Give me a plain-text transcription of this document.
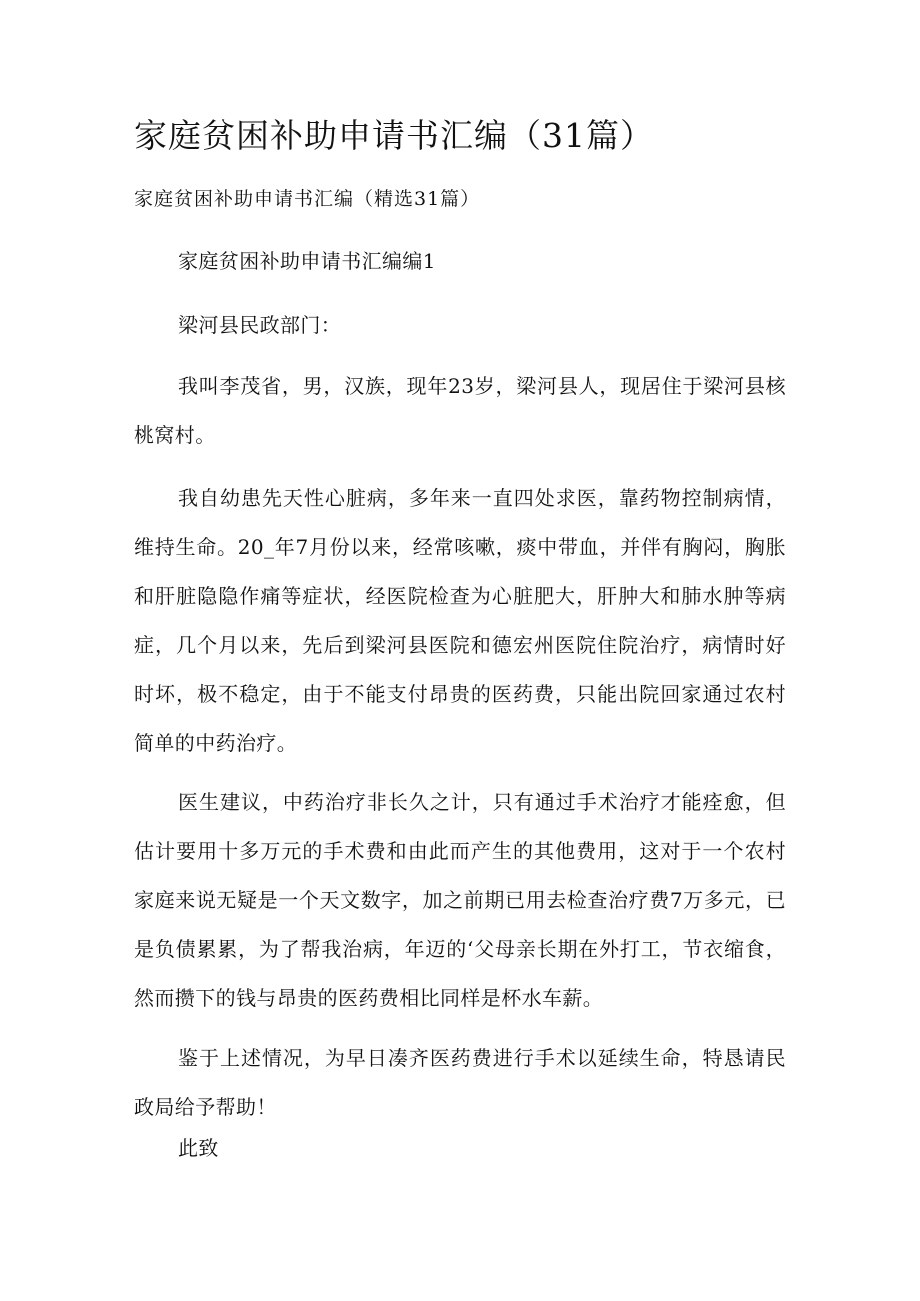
家庭贫困补助申请书汇编（31篇）
家庭贫困补助申请书汇编（精选31篇）
家庭贫困补助申请书汇编编1
梁河县民政部门：
我叫李茂省，男，汉族，现年23岁，梁河县人，现居住于梁河县核桃窝村。
我自幼患先天性心脏病，多年来一直四处求医，靠药物控制病情，维持生命。20_年7月份以来，经常咳嗽，痰中带血，并伴有胸闷，胸胀和肝脏隐隐作痛等症状，经医院检查为心脏肥大，肝肿大和肺水肿等病症，几个月以来，先后到梁河县医院和德宏州医院住院治疗，病情时好时坏，极不稳定，由于不能支付昂贵的医药费，只能出院回家通过农村简单的中药治疗。
医生建议，中药治疗非长久之计，只有通过手术治疗才能痊愈，但估计要用十多万元的手术费和由此而产生的其他费用，这对于一个农村家庭来说无疑是一个天文数字，加之前期已用去检查治疗费7万多元，已是负债累累，为了帮我治病，年迈的‘父母亲长期在外打工，节衣缩食，然而攒下的钱与昂贵的医药费相比同样是杯水车薪。
鉴于上述情况，为早日凑齐医药费进行手术以延续生命，特恳请民政局给予帮助！
此致
